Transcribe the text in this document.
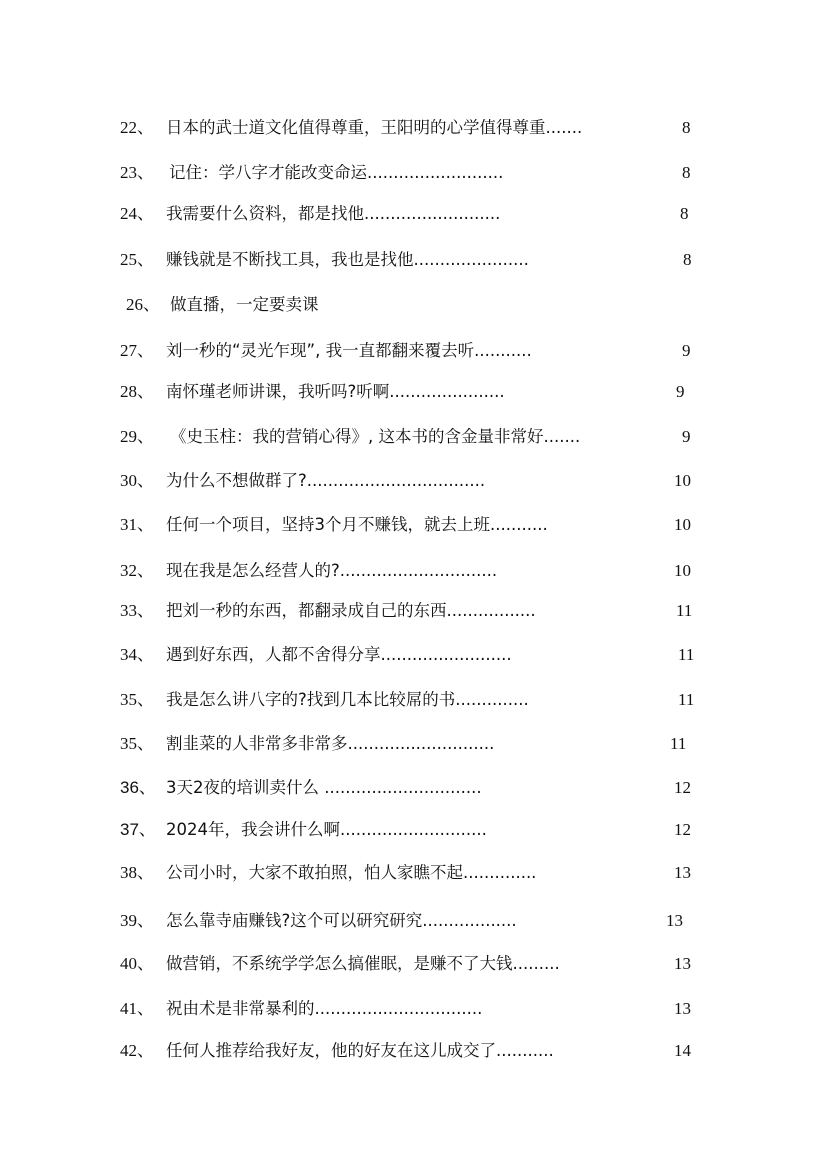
22、 日本的武士道文化值得尊重，王阳明的心学值得尊重.......	8
23、 记住：学八字才能改变命运..........................	8
24、 我需要什么资料，都是找他..........................	8
25、 赚钱就是不断找工具，我也是找他......................	8
26、 做直播，一定要卖课
27、 刘一秒的“灵光乍现”, 我一直都翻来覆去听...........	9
28、 南怀瑾老师讲课，我听吗?听啊......................	9
29、 《史玉柱：我的营销心得》, 这本书的含金量非常好.......	9
30、 为什么不想做群了?..................................	10
31、 任何一个项目，坚持3个月不赚钱，就去上班...........	10
32、 现在我是怎么经营人的?..............................	10
33、 把刘一秒的东西，都翻录成自己的东西.................	11
34、 遇到好东西，人都不舍得分享.........................	11
35、 我是怎么讲八字的?找到几本比较屌的书..............	11
35、 割韭菜的人非常多非常多............................	11
36、 3天2夜的培训卖什么 ..............................	12
37、 2024年，我会讲什么啊............................	12
38、 公司小时，大家不敢拍照，怕人家瞧不起..............	13
39、 怎么靠寺庙赚钱?这个可以研究研究..................	13
40、 做营销，不系统学学怎么搞催眠，是赚不了大钱.........	13
41、 祝由术是非常暴利的................................	13
42、 任何人推荐给我好友，他的好友在这儿成交了...........	14
